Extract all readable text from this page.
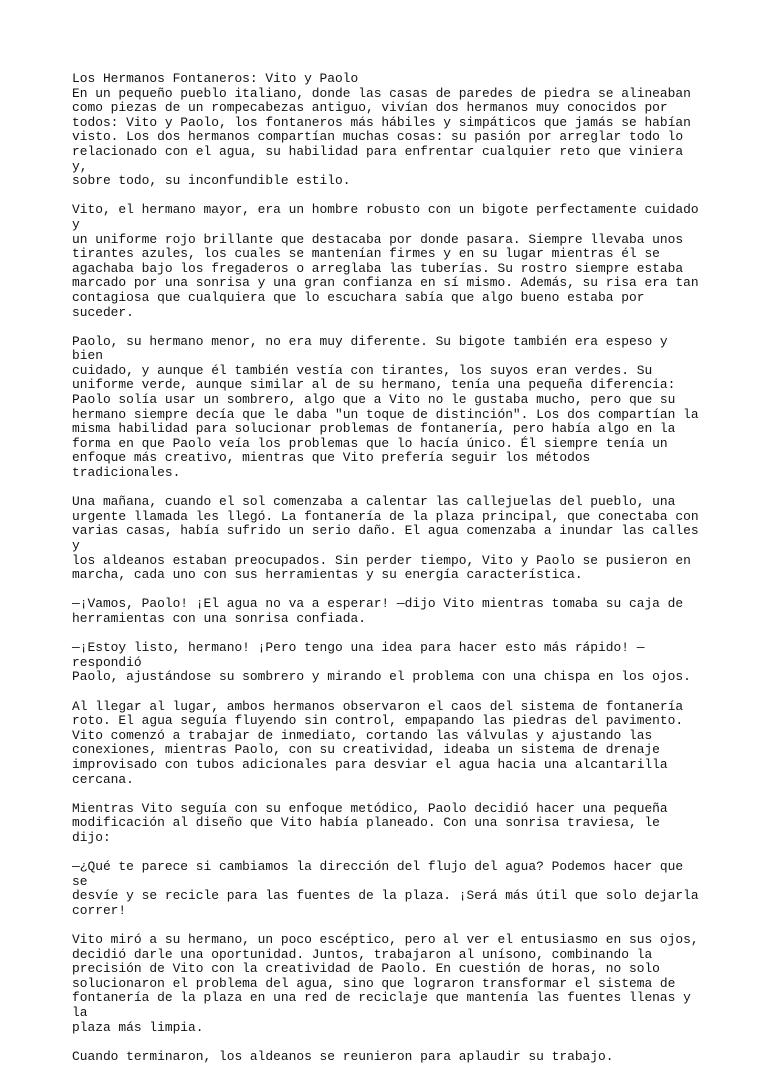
Los Hermanos Fontaneros: Vito y Paolo

En un pequeño pueblo italiano, donde las casas de paredes de piedra se alineaban
como piezas de un rompecabezas antiguo, vivían dos hermanos muy conocidos por
todos: Vito y Paolo, los fontaneros más hábiles y simpáticos que jamás se habían
visto. Los dos hermanos compartían muchas cosas: su pasión por arreglar todo lo
relacionado con el agua, su habilidad para enfrentar cualquier reto que viniera y,
sobre todo, su inconfundible estilo.

Vito, el hermano mayor, era un hombre robusto con un bigote perfectamente cuidado y
un uniforme rojo brillante que destacaba por donde pasara. Siempre llevaba unos
tirantes azules, los cuales se mantenían firmes y en su lugar mientras él se
agachaba bajo los fregaderos o arreglaba las tuberías. Su rostro siempre estaba
marcado por una sonrisa y una gran confianza en sí mismo. Además, su risa era tan
contagiosa que cualquiera que lo escuchara sabía que algo bueno estaba por suceder.

Paolo, su hermano menor, no era muy diferente. Su bigote también era espeso y bien
cuidado, y aunque él también vestía con tirantes, los suyos eran verdes. Su
uniforme verde, aunque similar al de su hermano, tenía una pequeña diferencia:
Paolo solía usar un sombrero, algo que a Vito no le gustaba mucho, pero que su
hermano siempre decía que le daba "un toque de distinción". Los dos compartían la
misma habilidad para solucionar problemas de fontanería, pero había algo en la
forma en que Paolo veía los problemas que lo hacía único. Él siempre tenía un
enfoque más creativo, mientras que Vito prefería seguir los métodos tradicionales.

Una mañana, cuando el sol comenzaba a calentar las callejuelas del pueblo, una
urgente llamada les llegó. La fontanería de la plaza principal, que conectaba con
varias casas, había sufrido un serio daño. El agua comenzaba a inundar las calles y
los aldeanos estaban preocupados. Sin perder tiempo, Vito y Paolo se pusieron en
marcha, cada uno con sus herramientas y su energía característica.

—¡Vamos, Paolo! ¡El agua no va a esperar! —dijo Vito mientras tomaba su caja de
herramientas con una sonrisa confiada.

—¡Estoy listo, hermano! ¡Pero tengo una idea para hacer esto más rápido! —respondió
Paolo, ajustándose su sombrero y mirando el problema con una chispa en los ojos.

Al llegar al lugar, ambos hermanos observaron el caos del sistema de fontanería
roto. El agua seguía fluyendo sin control, empapando las piedras del pavimento.
Vito comenzó a trabajar de inmediato, cortando las válvulas y ajustando las
conexiones, mientras Paolo, con su creatividad, ideaba un sistema de drenaje
improvisado con tubos adicionales para desviar el agua hacia una alcantarilla
cercana.

Mientras Vito seguía con su enfoque metódico, Paolo decidió hacer una pequeña
modificación al diseño que Vito había planeado. Con una sonrisa traviesa, le dijo:

—¿Qué te parece si cambiamos la dirección del flujo del agua? Podemos hacer que se
desvíe y se recicle para las fuentes de la plaza. ¡Será más útil que solo dejarla
correr!

Vito miró a su hermano, un poco escéptico, pero al ver el entusiasmo en sus ojos,
decidió darle una oportunidad. Juntos, trabajaron al unísono, combinando la
precisión de Vito con la creatividad de Paolo. En cuestión de horas, no solo
solucionaron el problema del agua, sino que lograron transformar el sistema de
fontanería de la plaza en una red de reciclaje que mantenía las fuentes llenas y la
plaza más limpia.

Cuando terminaron, los aldeanos se reunieron para aplaudir su trabajo.
